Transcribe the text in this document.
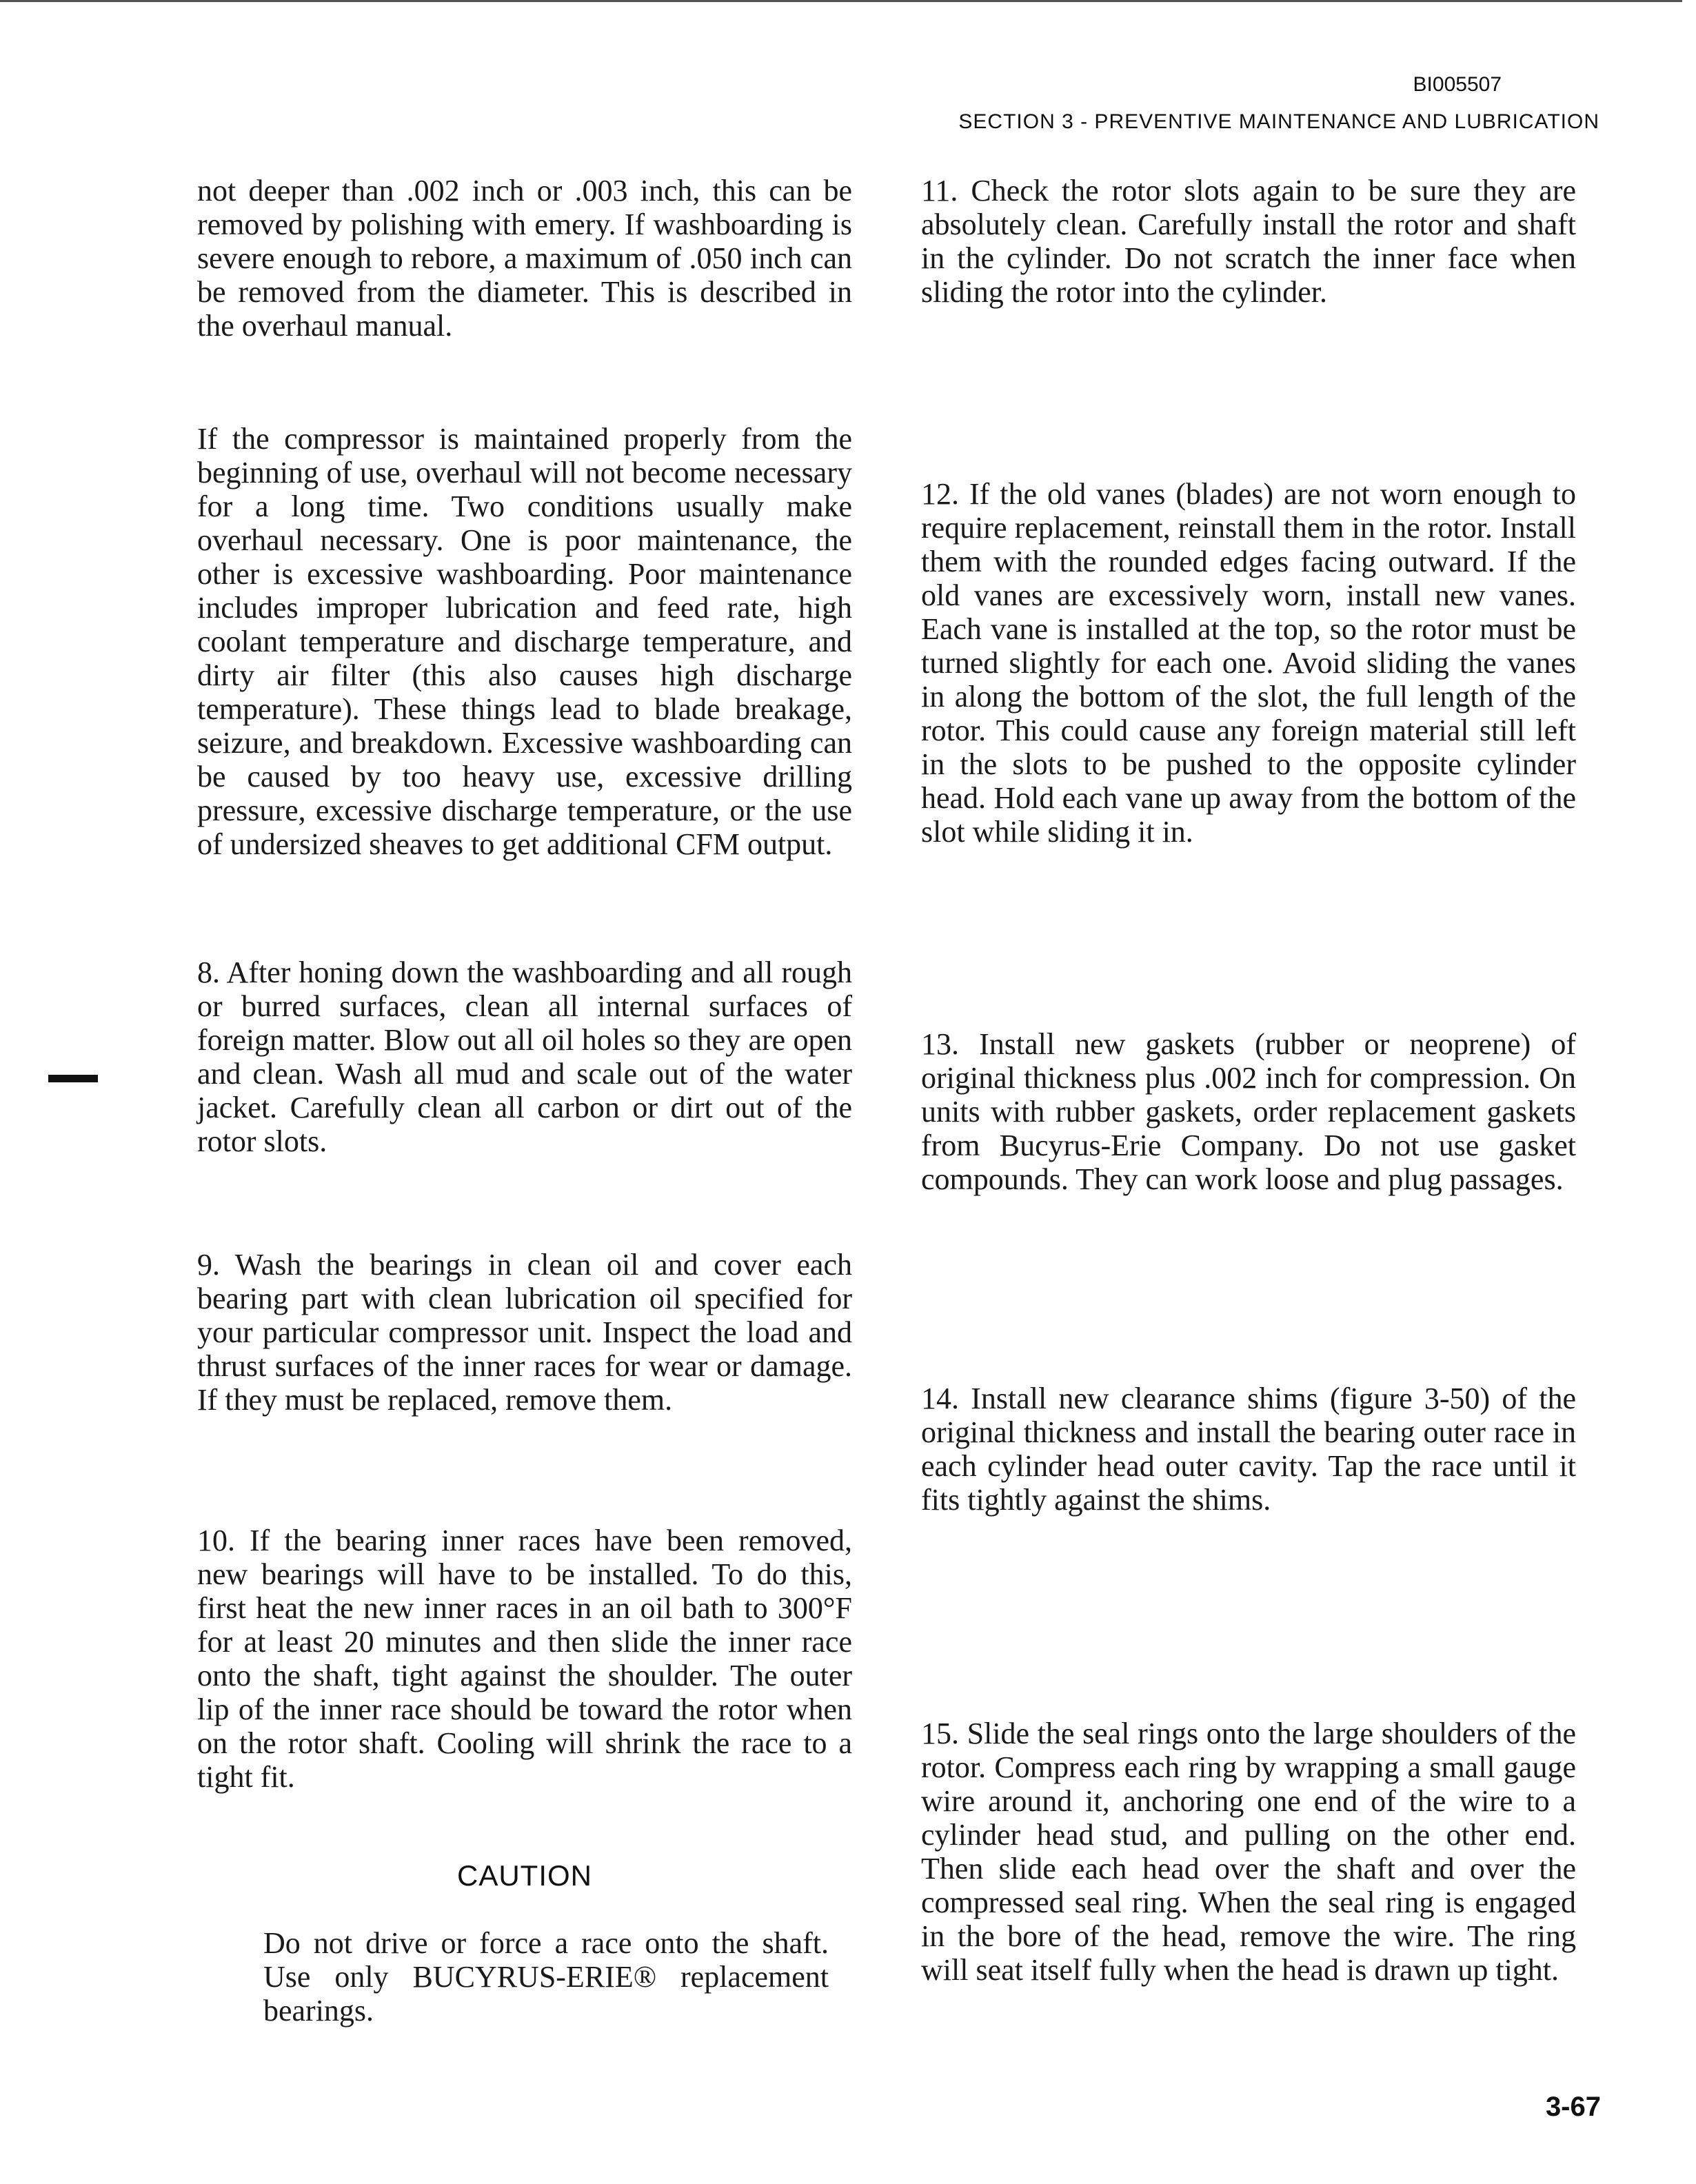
BI005507
SECTION 3 - PREVENTIVE MAINTENANCE AND LUBRICATION

not deeper than .002 inch or .003 inch, this can be removed by polishing with emery. If washboarding is severe enough to rebore, a maximum of .050 inch can be removed from the diameter. This is described in the overhaul manual.

If the compressor is maintained properly from the beginning of use, overhaul will not become necessary for a long time. Two conditions usually make overhaul necessary. One is poor maintenance, the other is excessive washboarding. Poor maintenance includes improper lubrication and feed rate, high coolant temperature and discharge temperature, and dirty air filter (this also causes high discharge temperature). These things lead to blade breakage, seizure, and breakdown. Excessive washboarding can be caused by too heavy use, excessive drilling pressure, excessive discharge temperature, or the use of undersized sheaves to get additional CFM output.

8. After honing down the washboarding and all rough or burred surfaces, clean all internal surfaces of foreign matter. Blow out all oil holes so they are open and clean. Wash all mud and scale out of the water jacket. Carefully clean all carbon or dirt out of the rotor slots.

9. Wash the bearings in clean oil and cover each bearing part with clean lubrication oil specified for your particular compressor unit. Inspect the load and thrust surfaces of the inner races for wear or damage. If they must be replaced, remove them.

10. If the bearing inner races have been removed, new bearings will have to be installed. To do this, first heat the new inner races in an oil bath to 300°F for at least 20 minutes and then slide the inner race onto the shaft, tight against the shoulder. The outer lip of the inner race should be toward the rotor when on the rotor shaft. Cooling will shrink the race to a tight fit.

CAUTION

Do not drive or force a race onto the shaft. Use only BUCYRUS-ERIE® replacement bearings.

11. Check the rotor slots again to be sure they are absolutely clean. Carefully install the rotor and shaft in the cylinder. Do not scratch the inner face when sliding the rotor into the cylinder.

12. If the old vanes (blades) are not worn enough to require replacement, reinstall them in the rotor. Install them with the rounded edges facing outward. If the old vanes are excessively worn, install new vanes. Each vane is installed at the top, so the rotor must be turned slightly for each one. Avoid sliding the vanes in along the bottom of the slot, the full length of the rotor. This could cause any foreign material still left in the slots to be pushed to the opposite cylinder head. Hold each vane up away from the bottom of the slot while sliding it in.

13. Install new gaskets (rubber or neoprene) of original thickness plus .002 inch for compression. On units with rubber gaskets, order replacement gaskets from Bucyrus-Erie Company. Do not use gasket compounds. They can work loose and plug passages.

14. Install new clearance shims (figure 3-50) of the original thickness and install the bearing outer race in each cylinder head outer cavity. Tap the race until it fits tightly against the shims.

15. Slide the seal rings onto the large shoulders of the rotor. Compress each ring by wrapping a small gauge wire around it, anchoring one end of the wire to a cylinder head stud, and pulling on the other end. Then slide each head over the shaft and over the compressed seal ring. When the seal ring is engaged in the bore of the head, remove the wire. The ring will seat itself fully when the head is drawn up tight.

3-67
